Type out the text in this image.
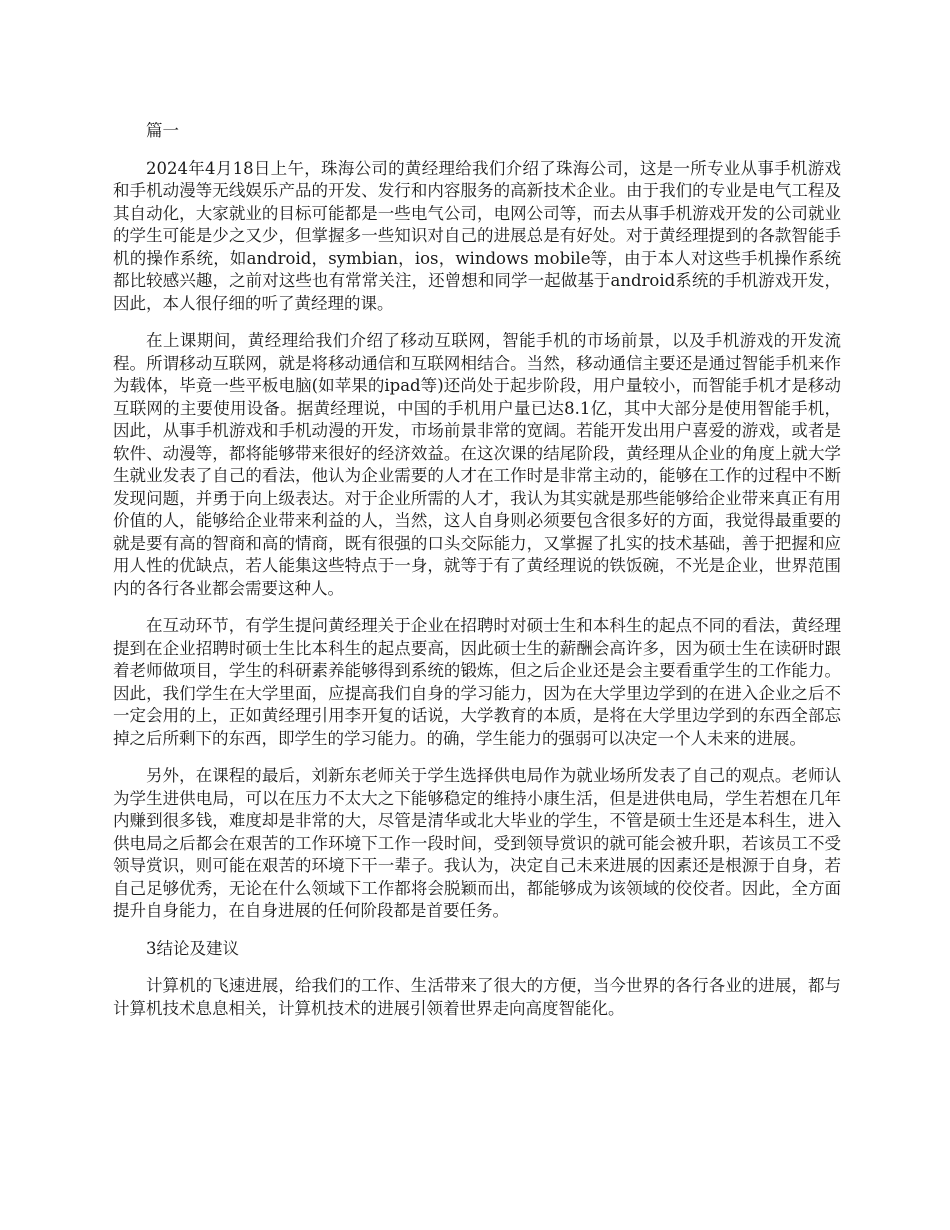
篇一

2024年4月18日上午，珠海公司的黄经理给我们介绍了珠海公司，这是一所专业从事手机游戏和手机动漫等无线娱乐产品的开发、发行和内容服务的高新技术企业。由于我们的专业是电气工程及其自动化，大家就业的目标可能都是一些电气公司，电网公司等，而去从事手机游戏开发的公司就业的学生可能是少之又少，但掌握多一些知识对自己的进展总是有好处。对于黄经理提到的各款智能手机的操作系统，如android，symbian，ios，windows mobile等，由于本人对这些手机操作系统都比较感兴趣，之前对这些也有常常关注，还曾想和同学一起做基于android系统的手机游戏开发，因此，本人很仔细的听了黄经理的课。

在上课期间，黄经理给我们介绍了移动互联网，智能手机的市场前景，以及手机游戏的开发流程。所谓移动互联网，就是将移动通信和互联网相结合。当然，移动通信主要还是通过智能手机来作为载体，毕竟一些平板电脑(如苹果的ipad等)还尚处于起步阶段，用户量较小，而智能手机才是移动互联网的主要使用设备。据黄经理说，中国的手机用户量已达8.1亿，其中大部分是使用智能手机，因此，从事手机游戏和手机动漫的开发，市场前景非常的宽阔。若能开发出用户喜爱的游戏，或者是软件、动漫等，都将能够带来很好的经济效益。在这次课的结尾阶段，黄经理从企业的角度上就大学生就业发表了自己的看法，他认为企业需要的人才在工作时是非常主动的，能够在工作的过程中不断发现问题，并勇于向上级表达。对于企业所需的人才，我认为其实就是那些能够给企业带来真正有用价值的人，能够给企业带来利益的人，当然，这人自身则必须要包含很多好的方面，我觉得最重要的就是要有高的智商和高的情商，既有很强的口头交际能力，又掌握了扎实的技术基础，善于把握和应用人性的优缺点，若人能集这些特点于一身，就等于有了黄经理说的铁饭碗，不光是企业，世界范围内的各行各业都会需要这种人。

在互动环节，有学生提问黄经理关于企业在招聘时对硕士生和本科生的起点不同的看法，黄经理提到在企业招聘时硕士生比本科生的起点要高，因此硕士生的薪酬会高许多，因为硕士生在读研时跟着老师做项目，学生的科研素养能够得到系统的锻炼，但之后企业还是会主要看重学生的工作能力。因此，我们学生在大学里面，应提高我们自身的学习能力，因为在大学里边学到的在进入企业之后不一定会用的上，正如黄经理引用李开复的话说，大学教育的本质，是将在大学里边学到的东西全部忘掉之后所剩下的东西，即学生的学习能力。的确，学生能力的强弱可以决定一个人未来的进展。

另外，在课程的最后，刘新东老师关于学生选择供电局作为就业场所发表了自己的观点。老师认为学生进供电局，可以在压力不太大之下能够稳定的维持小康生活，但是进供电局，学生若想在几年内赚到很多钱，难度却是非常的大，尽管是清华或北大毕业的学生，不管是硕士生还是本科生，进入供电局之后都会在艰苦的工作环境下工作一段时间，受到领导赏识的就可能会被升职，若该员工不受领导赏识，则可能在艰苦的环境下干一辈子。我认为，决定自己未来进展的因素还是根源于自身，若自己足够优秀，无论在什么领域下工作都将会脱颖而出，都能够成为该领域的佼佼者。因此，全方面提升自身能力，在自身进展的任何阶段都是首要任务。

3结论及建议

计算机的飞速进展，给我们的工作、生活带来了很大的方便，当今世界的各行各业的进展，都与计算机技术息息相关，计算机技术的进展引领着世界走向高度智能化。
